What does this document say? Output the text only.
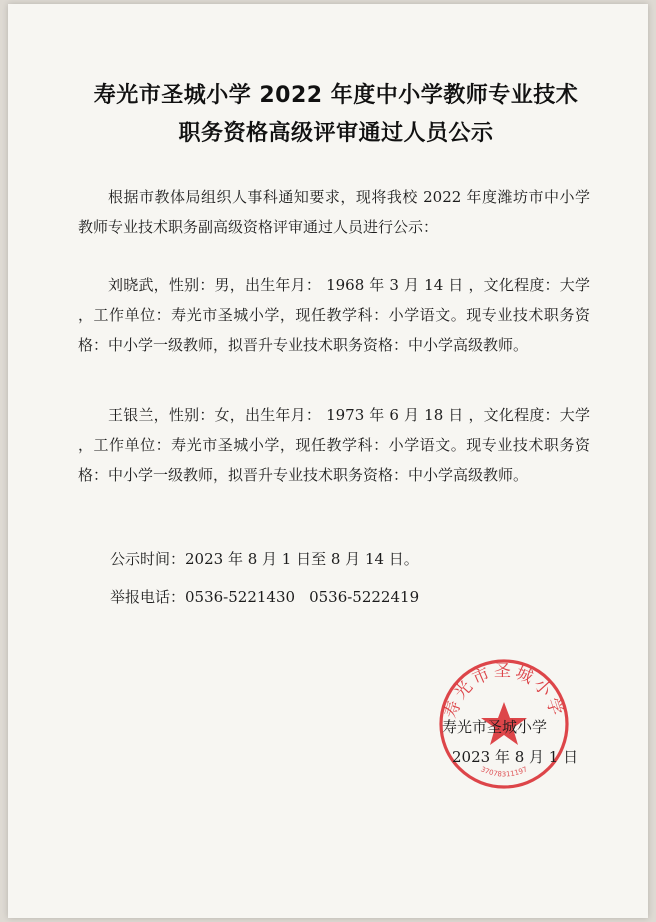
寿光市圣城小学 2022 年度中小学教师专业技术
职务资格高级评审通过人员公示
根据市教体局组织人事科通知要求，现将我校 2022 年度潍坊市中小学教师专业技术职务副高级资格评审通过人员进行公示：
刘晓武，性别：男，出生年月： 1968 年 3 月 14 日 ，文化程度：大学 ，工作单位：寿光市圣城小学，现任教学科：小学语文。现专业技术职务资格：中小学一级教师，拟晋升专业技术职务资格：中小学高级教师。
王银兰，性别：女，出生年月： 1973 年 6 月 18 日 ，文化程度：大学 ，工作单位：寿光市圣城小学，现任教学科：小学语文。现专业技术职务资格：中小学一级教师，拟晋升专业技术职务资格：中小学高级教师。
公示时间：2023 年 8 月 1 日至 8 月 14 日。
举报电话：0536-5221430 0536-5222419
寿光市圣城小学
37078311197
寿光市圣城小学
2023 年 8 月 1 日
